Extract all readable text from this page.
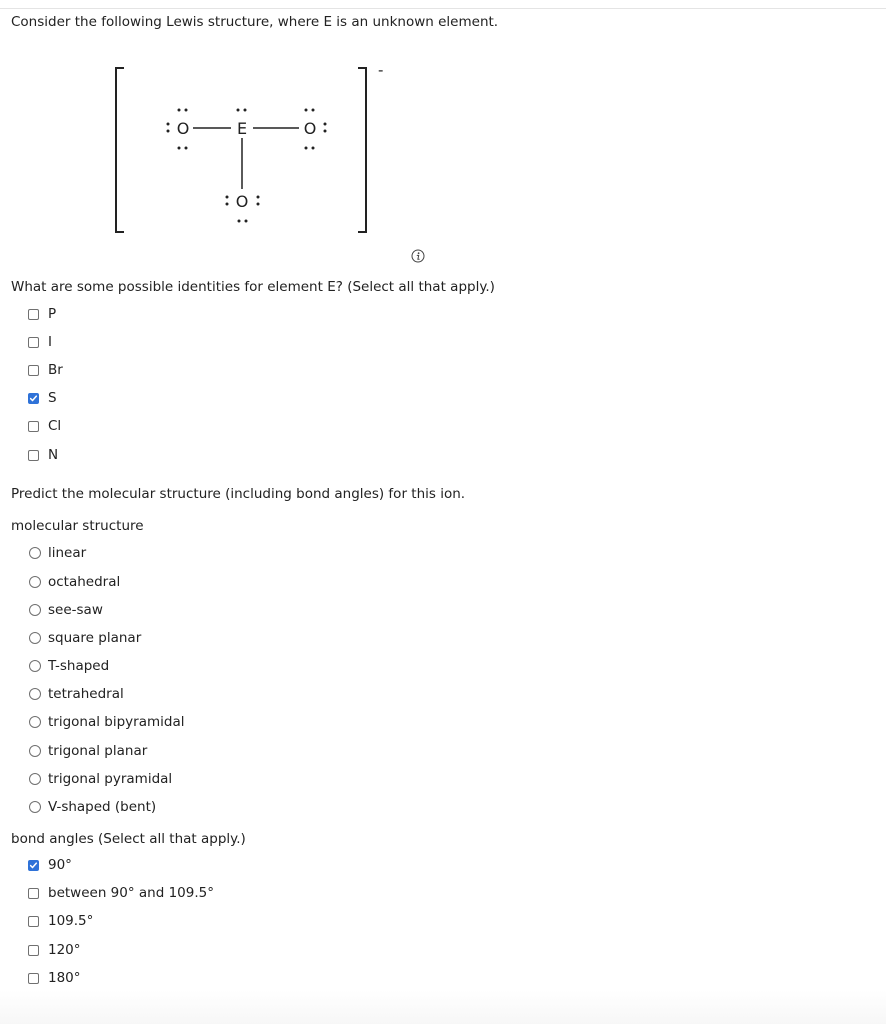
Consider the following Lewis structure, where E is an unknown element.
-
O	E	O
O
What are some possible identities for element E? (Select all that apply.)
P
I
Br
S
Cl
N
Predict the molecular structure (including bond angles) for this ion.
molecular structure
linear
octahedral
see-saw
square planar
T-shaped
tetrahedral
trigonal bipyramidal
trigonal planar
trigonal pyramidal
V-shaped (bent)
bond angles (Select all that apply.)
90°
between 90° and 109.5°
109.5°
120°
180°
